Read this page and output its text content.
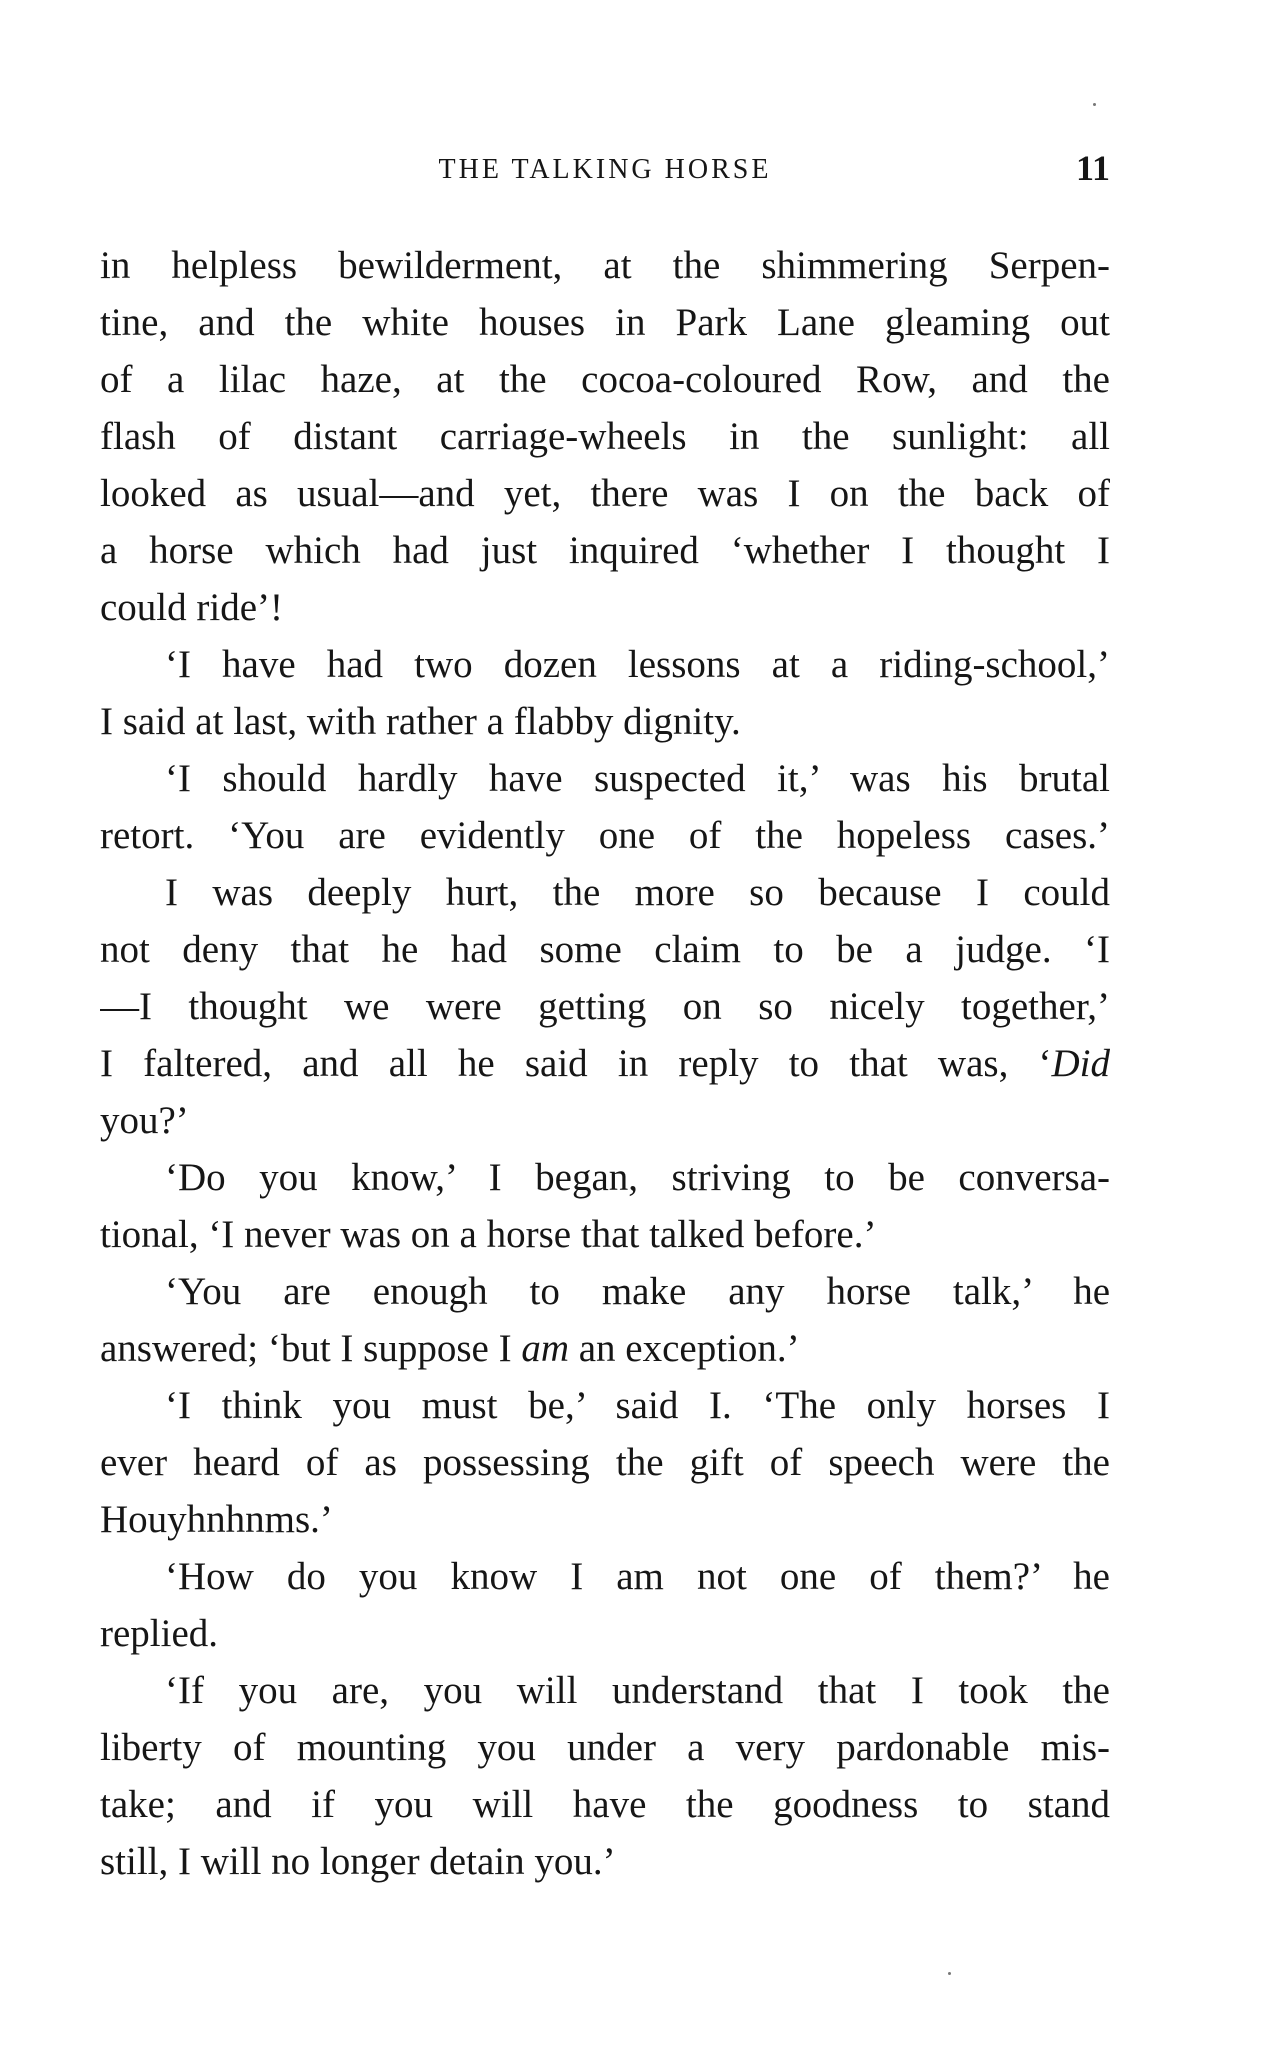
THE TALKING HORSE	11
in helpless bewilderment, at the shimmering Serpen-
tine, and the white houses in Park Lane gleaming out
of a lilac haze, at the cocoa-coloured Row, and the
flash of distant carriage-wheels in the sunlight: all
looked as usual—and yet, there was I on the back of
a horse which had just inquired ‘whether I thought I
could ride’!
‘I have had two dozen lessons at a riding-school,’
I said at last, with rather a flabby dignity.
‘I should hardly have suspected it,’ was his brutal
retort. ‘You are evidently one of the hopeless cases.’
I was deeply hurt, the more so because I could
not deny that he had some claim to be a judge. ‘I
—I thought we were getting on so nicely together,’
I faltered, and all he said in reply to that was, ‘Did
you?’
‘Do you know,’ I began, striving to be conversa-
tional, ‘I never was on a horse that talked before.’
‘You are enough to make any horse talk,’ he
answered; ‘but I suppose I am an exception.’
‘I think you must be,’ said I. ‘The only horses I
ever heard of as possessing the gift of speech were the
Houyhnhnms.’
‘How do you know I am not one of them?’ he
replied.
‘If you are, you will understand that I took the
liberty of mounting you under a very pardonable mis-
take; and if you will have the goodness to stand
still, I will no longer detain you.’
